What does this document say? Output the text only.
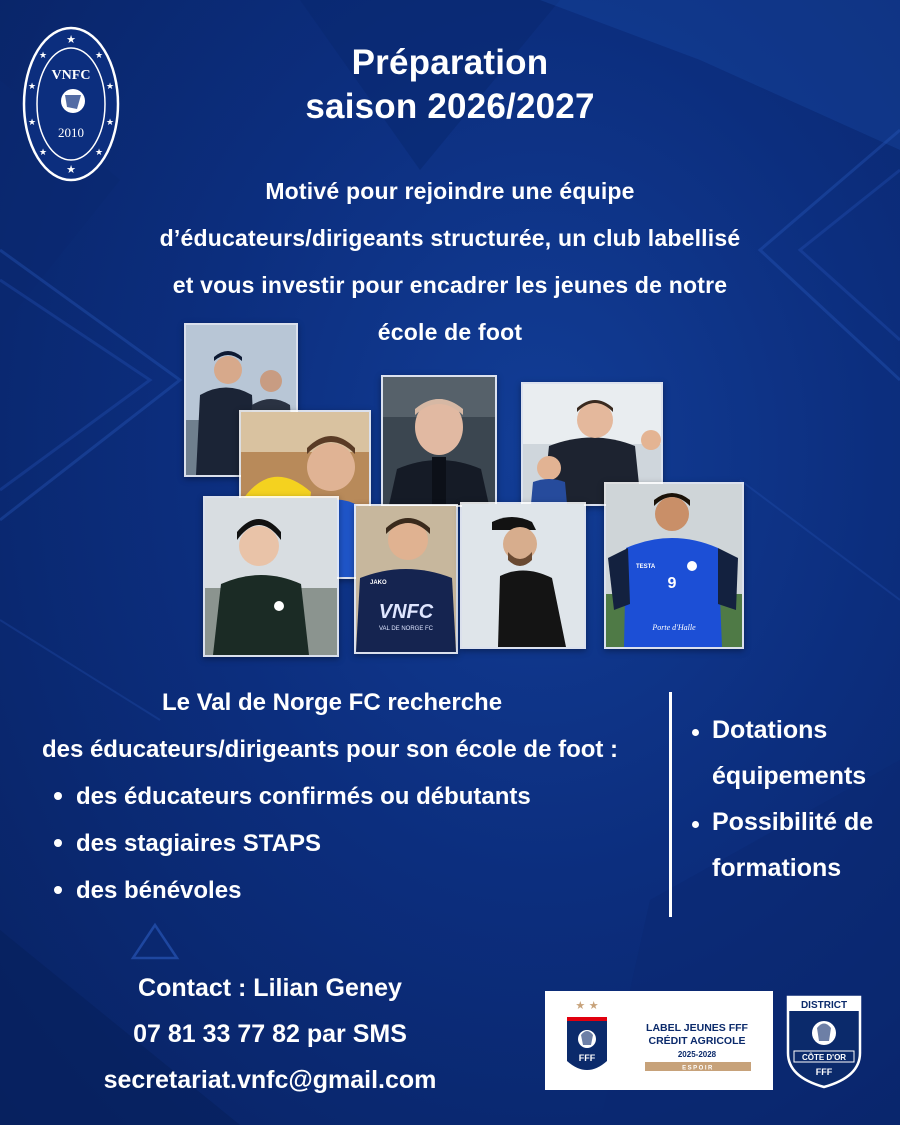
★
★	★
★	★
★	★
★	★
★
VNFC
2010
Préparation
saison 2026/2027
Motivé pour rejoindre une équipe
d’éducateurs/dirigeants structurée, un club labellisé
et vous investir pour encadrer les jeunes de notre
école de foot
JAKO
VNFC
VAL DE NORGE FC
TESTA
9
Porte d'Halle
Le Val de Norge FC recherche
des éducateurs/dirigeants pour son école de foot :
des éducateurs confirmés ou débutants
des stagiaires STAPS
des bénévoles
Dotations
équipements
Possibilité de
formations
Contact : Lilian Geney
07 81 33 77 82 par SMS
secretariat.vnfc@gmail.com
★ ★
FFF
LABEL JEUNES FFF
CRÉDIT AGRICOLE
2025-2028
ESPOIR
DISTRICT
CÔTE D'OR
FFF
